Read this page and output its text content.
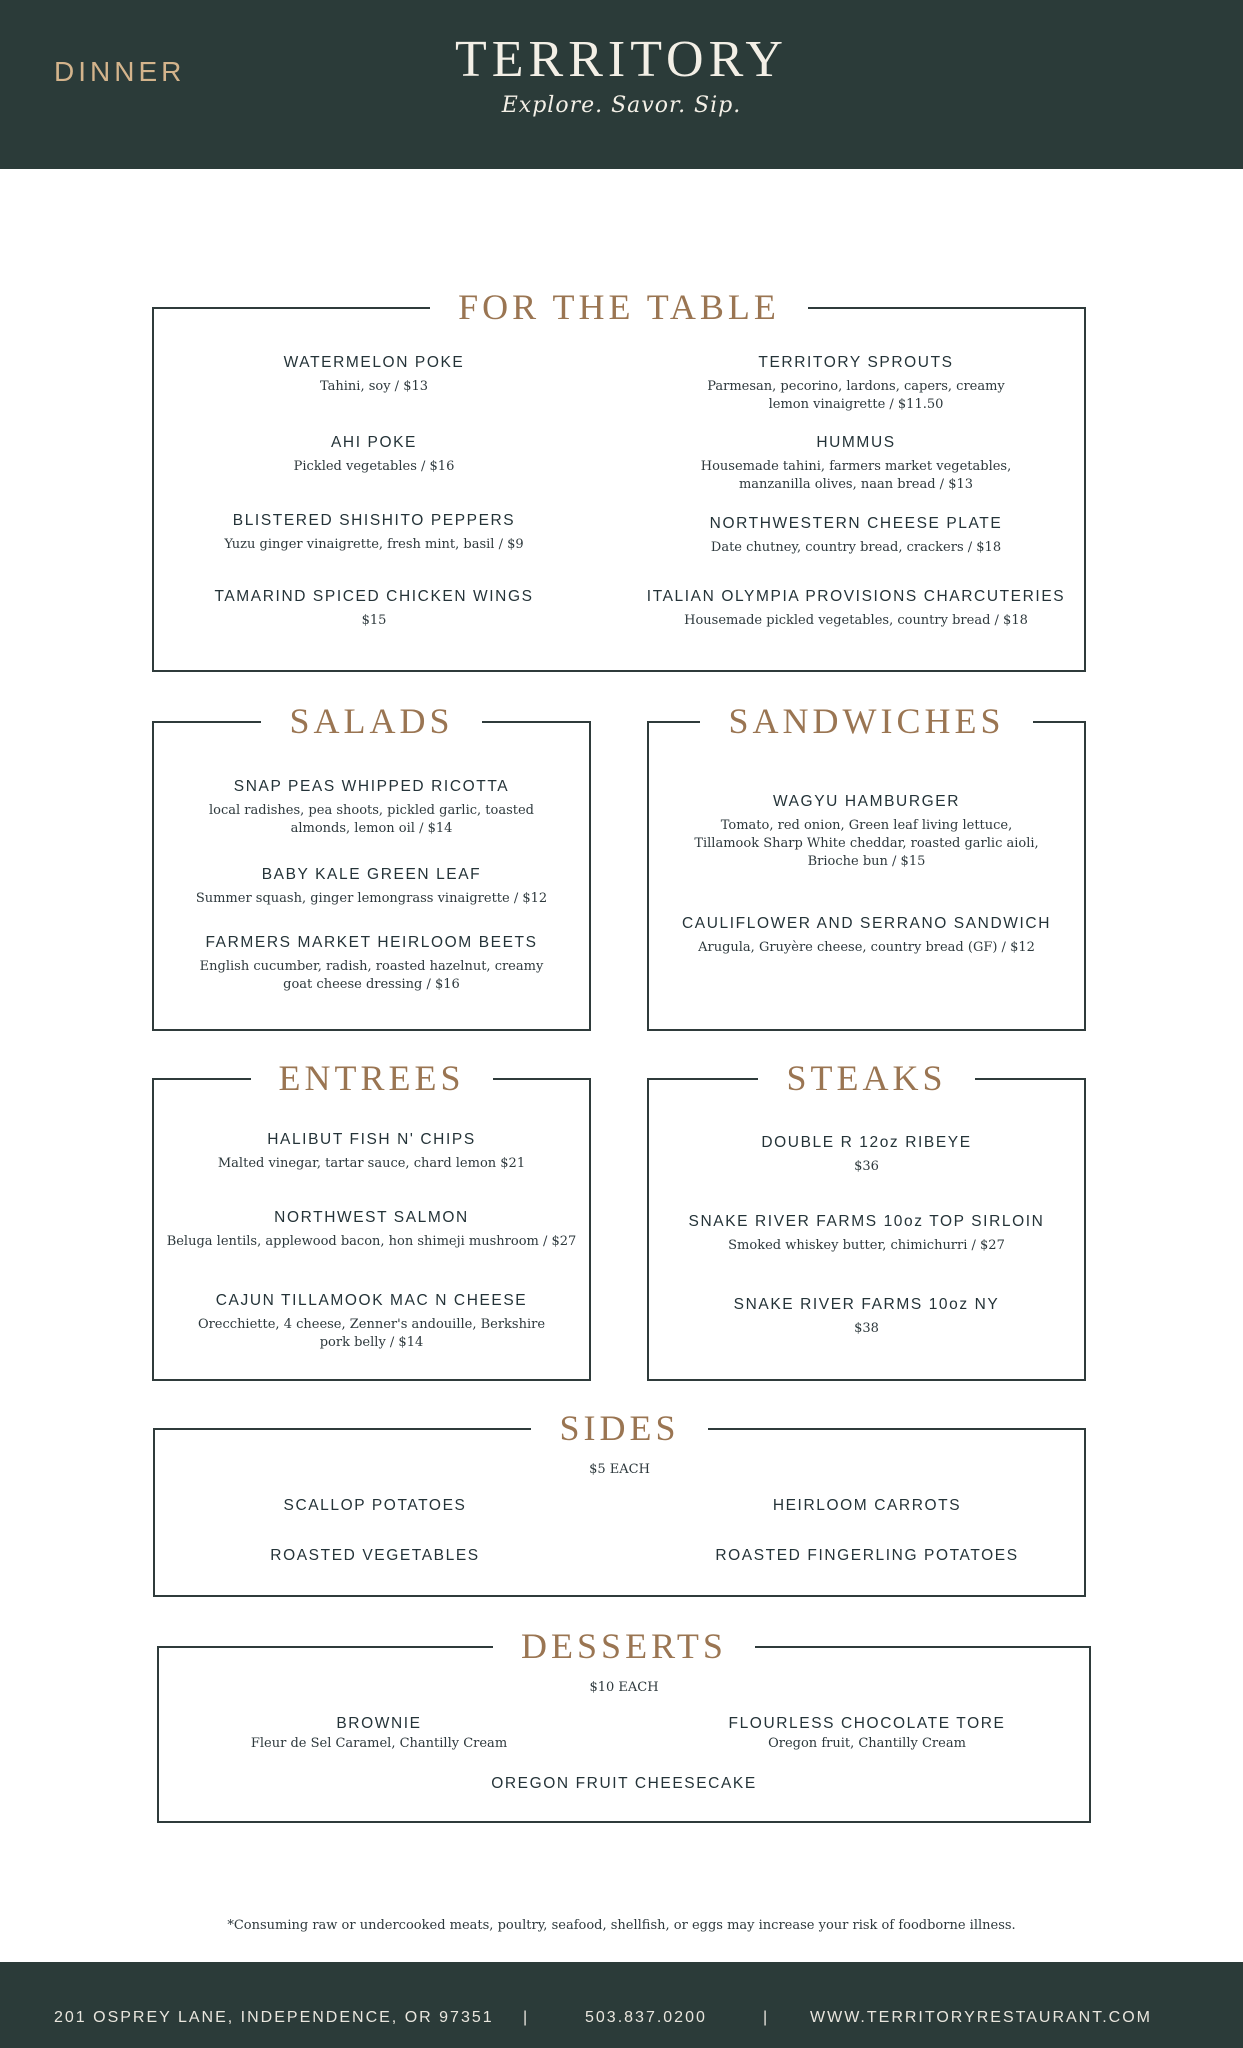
DINNER	TERRITORY
Explore. Savor. Sip.
FOR THE TABLE
WATERMELON POKE
Tahini, soy / $13
AHI POKE
Pickled vegetables / $16
BLISTERED SHISHITO PEPPERS
Yuzu ginger vinaigrette, fresh mint, basil / $9
TAMARIND SPICED CHICKEN WINGS
$15
TERRITORY SPROUTS
Parmesan, pecorino, lardons, capers, creamy lemon vinaigrette / $11.50
HUMMUS
Housemade tahini, farmers market vegetables, manzanilla olives, naan bread / $13
NORTHWESTERN CHEESE PLATE
Date chutney, country bread, crackers / $18
ITALIAN OLYMPIA PROVISIONS CHARCUTERIES
Housemade pickled vegetables, country bread / $18
SALADS
SNAP PEAS WHIPPED RICOTTA
local radishes, pea shoots, pickled garlic, toasted almonds, lemon oil / $14
BABY KALE GREEN LEAF
Summer squash, ginger lemongrass vinaigrette / $12
FARMERS MARKET HEIRLOOM BEETS
English cucumber, radish, roasted hazelnut, creamy goat cheese dressing / $16
SANDWICHES
WAGYU HAMBURGER
Tomato, red onion, Green leaf living lettuce, Tillamook Sharp White cheddar, roasted garlic aioli, Brioche bun / $15
CAULIFLOWER AND SERRANO SANDWICH
Arugula, Gruyère cheese, country bread (GF) / $12
ENTREES
HALIBUT FISH N' CHIPS
Malted vinegar, tartar sauce, chard lemon $21
NORTHWEST SALMON
Beluga lentils, applewood bacon, hon shimeji mushroom / $27
CAJUN TILLAMOOK MAC N CHEESE
Orecchiette, 4 cheese, Zenner's andouille, Berkshire pork belly / $14
STEAKS
DOUBLE R 12oz RIBEYE
$36
SNAKE RIVER FARMS 10oz TOP SIRLOIN
Smoked whiskey butter, chimichurri / $27
SNAKE RIVER FARMS 10oz NY
$38
SIDES
$5 EACH
SCALLOP POTATOES	HEIRLOOM CARROTS
ROASTED VEGETABLES	ROASTED FINGERLING POTATOES
DESSERTS
$10 EACH
BROWNIE
Fleur de Sel Caramel, Chantilly Cream
FLOURLESS CHOCOLATE TORE
Oregon fruit, Chantilly Cream
OREGON FRUIT CHEESECAKE
*Consuming raw or undercooked meats, poultry, seafood, shellfish, or eggs may increase your risk of foodborne illness.
201 OSPREY LANE, INDEPENDENCE, OR 97351 |	503.837.0200	|	WWW.TERRITORYRESTAURANT.COM
